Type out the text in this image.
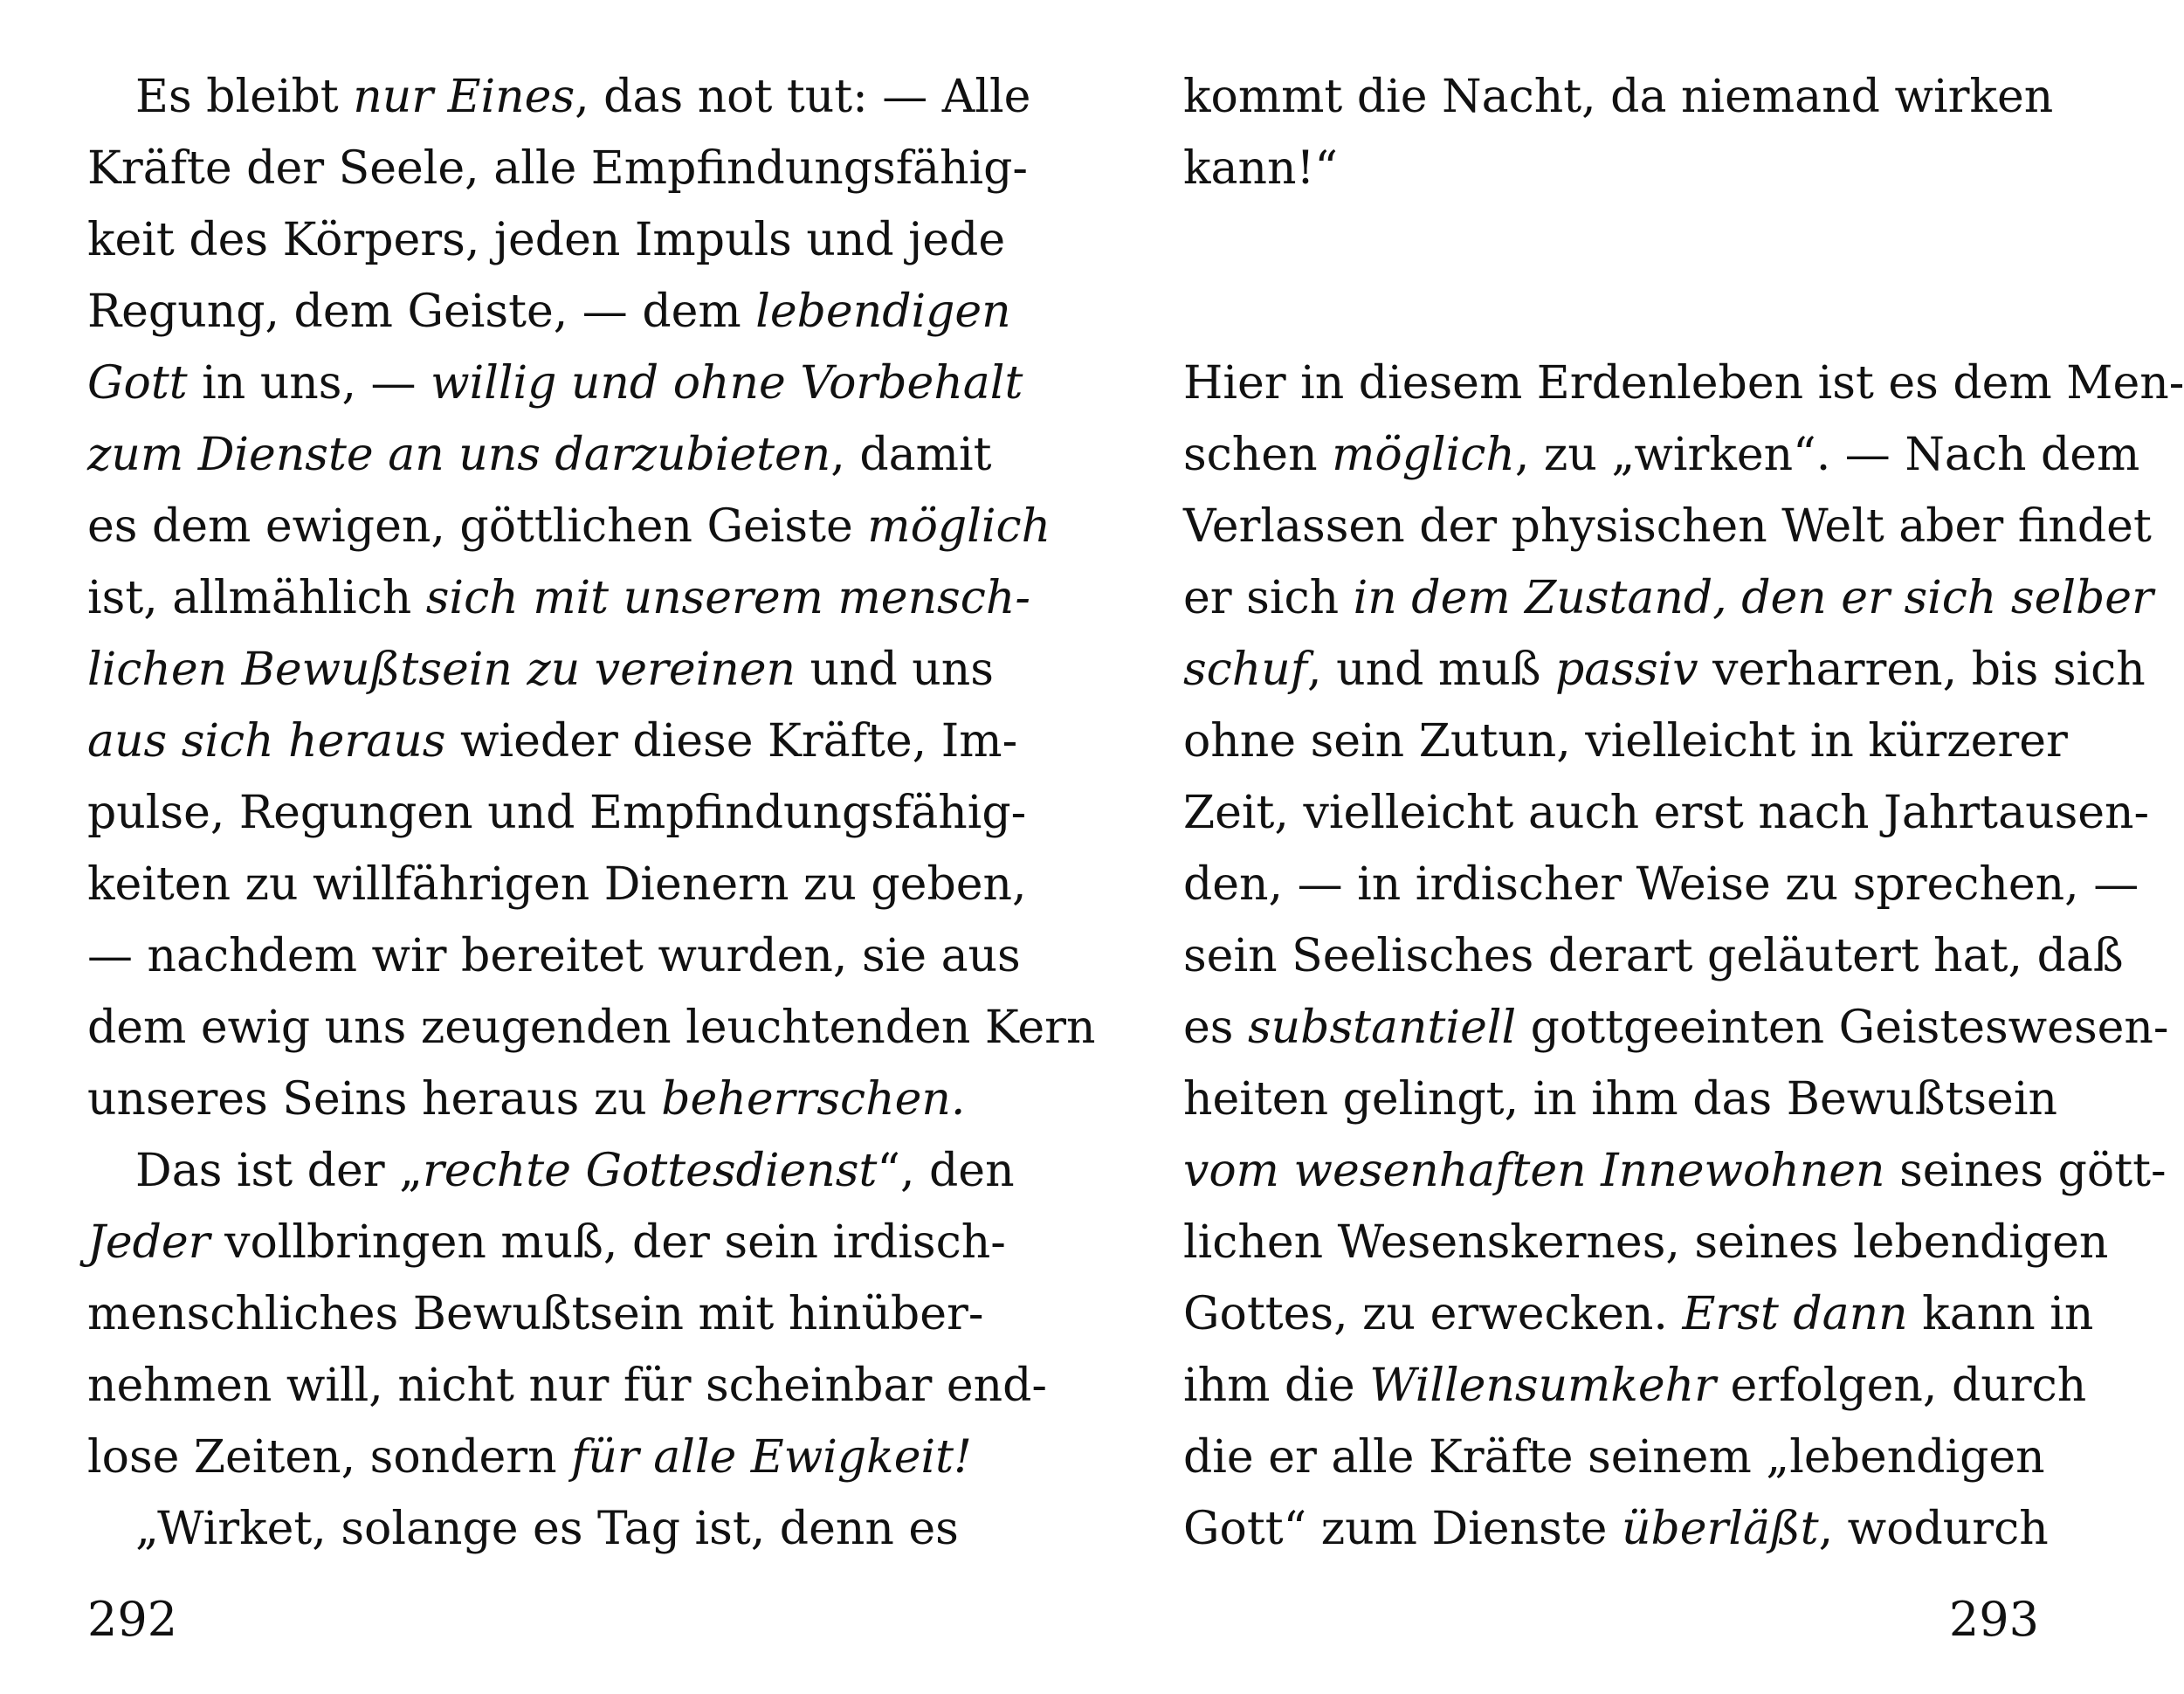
Es bleibt nur Eines, das not tut: — Alle
Kräfte der Seele, alle Empfindungsfähig-
keit des Körpers, jeden Impuls und jede
Regung, dem Geiste, — dem lebendigen
Gott in uns, — willig und ohne Vorbehalt
zum Dienste an uns darzubieten, damit
es dem ewigen, göttlichen Geiste möglich
ist, allmählich sich mit unserem mensch-
lichen Bewußtsein zu vereinen und uns
aus sich heraus wieder diese Kräfte, Im-
pulse, Regungen und Empfindungsfähig-
keiten zu willfährigen Dienern zu geben,
— nachdem wir bereitet wurden, sie aus
dem ewig uns zeugenden leuchtenden Kern
unseres Seins heraus zu beherrschen.
Das ist der „rechte Gottesdienst“, den
Jeder vollbringen muß, der sein irdisch-
menschliches Bewußtsein mit hinüber-
nehmen will, nicht nur für scheinbar end-
lose Zeiten, sondern für alle Ewigkeit!
„Wirket, solange es Tag ist, denn es
292
kommt die Nacht, da niemand wirken
kann!“
Hier in diesem Erdenleben ist es dem Men-
schen möglich, zu „wirken“. — Nach dem
Verlassen der physischen Welt aber findet
er sich in dem Zustand, den er sich selber
schuf, und muß passiv verharren, bis sich
ohne sein Zutun, vielleicht in kürzerer
Zeit, vielleicht auch erst nach Jahrtausen-
den, — in irdischer Weise zu sprechen, —
sein Seelisches derart geläutert hat, daß
es substantiell gottgeeinten Geisteswesen-
heiten gelingt, in ihm das Bewußtsein
vom wesenhaften Innewohnen seines gött-
lichen Wesenskernes, seines lebendigen
Gottes, zu erwecken. Erst dann kann in
ihm die Willensumkehr erfolgen, durch
die er alle Kräfte seinem „lebendigen
Gott“ zum Dienste überläßt, wodurch
293
